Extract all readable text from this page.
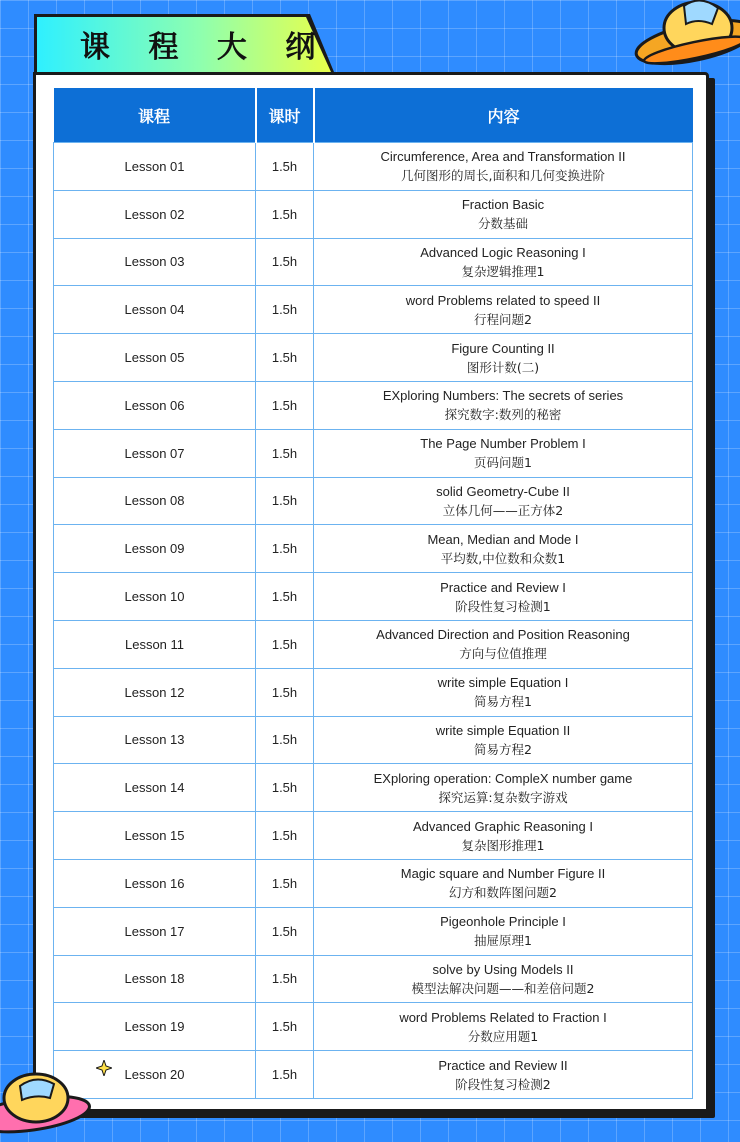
课 程 大 纲
课程	课时	内容
Lesson 01	1.5h	Circumference, Area and Transformation II
几何图形的周长,面积和几何变换进阶

Lesson 02	1.5h	Fraction Basic
分数基础

Lesson 03	1.5h	Advanced Logic Reasoning I
复杂逻辑推理1

Lesson 04	1.5h	word Problems related to speed II
行程问题2

Lesson 05	1.5h	Figure Counting II
图形计数(二)

Lesson 06	1.5h	EXploring Numbers: The secrets of series
探究数字:数列的秘密

Lesson 07	1.5h	The Page Number Problem I
页码问题1

Lesson 08	1.5h	solid Geometry-Cube II
立体几何——正方体2

Lesson 09	1.5h	Mean, Median and Mode I
平均数,中位数和众数1

Lesson 10	1.5h	Practice and Review I
阶段性复习检测1

Lesson 11	1.5h	Advanced Direction and Position Reasoning
方向与位值推理

Lesson 12	1.5h	write simple Equation I
简易方程1

Lesson 13	1.5h	write simple Equation II
简易方程2

Lesson 14	1.5h	EXploring operation: CompleX number game
探究运算:复杂数字游戏

Lesson 15	1.5h	Advanced Graphic Reasoning I
复杂图形推理1

Lesson 16	1.5h	Magic square and Number Figure II
幻方和数阵图问题2

Lesson 17	1.5h	Pigeonhole Principle I
抽屉原理1

Lesson 18	1.5h	solve by Using Models II
模型法解决问题——和差倍问题2

Lesson 19	1.5h	word Problems Related to Fraction I
分数应用题1

Lesson 20	1.5h	Practice and Review II
阶段性复习检测2
